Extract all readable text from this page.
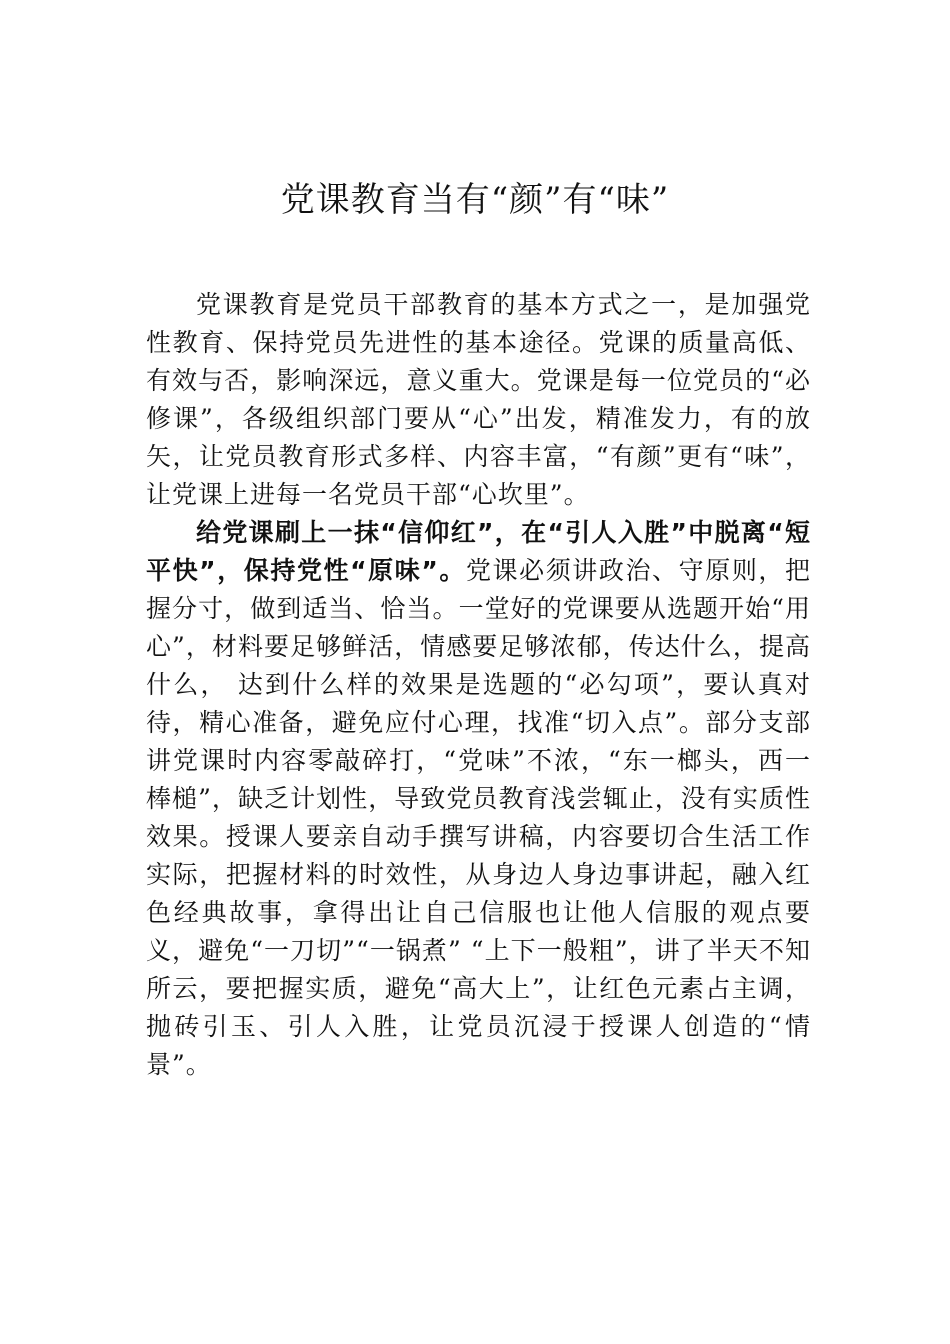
党课教育当有“颜”有“味”

党课教育是党员干部教育的基本方式之一，是加强党性教育、保持党员先进性的基本途径。党课的质量高低、有效与否，影响深远，意义重大。党课是每一位党员的“必修课”，各级组织部门要从“心”出发，精准发力，有的放矢，让党员教育形式多样、内容丰富，“有颜”更有“味”，让党课上进每一名党员干部“心坎里”。

给党课刷上一抹“信仰红”，在“引人入胜”中脱离“短平快”，保持党性“原味”。党课必须讲政治、守原则，把握分寸，做到适当、恰当。一堂好的党课要从选题开始“用心”，材料要足够鲜活，情感要足够浓郁，传达什么，提高什么， 达到什么样的效果是选题的“必勾项”，要认真对待，精心准备，避免应付心理，找准“切入点”。部分支部讲党课时内容零敲碎打，“党味”不浓，“东一榔头，西一棒槌”，缺乏计划性，导致党员教育浅尝辄止，没有实质性效果。授课人要亲自动手撰写讲稿，内容要切合生活工作实际，把握材料的时效性，从身边人身边事讲起，融入红色经典故事，拿得出让自己信服也让他人信服的观点要义，避免“一刀切”“一锅煮” “上下一般粗”，讲了半天不知所云，要把握实质，避免“高大上”，让红色元素占主调，抛砖引玉、引人入胜，让党员沉浸于授课人创造的“情景”。
